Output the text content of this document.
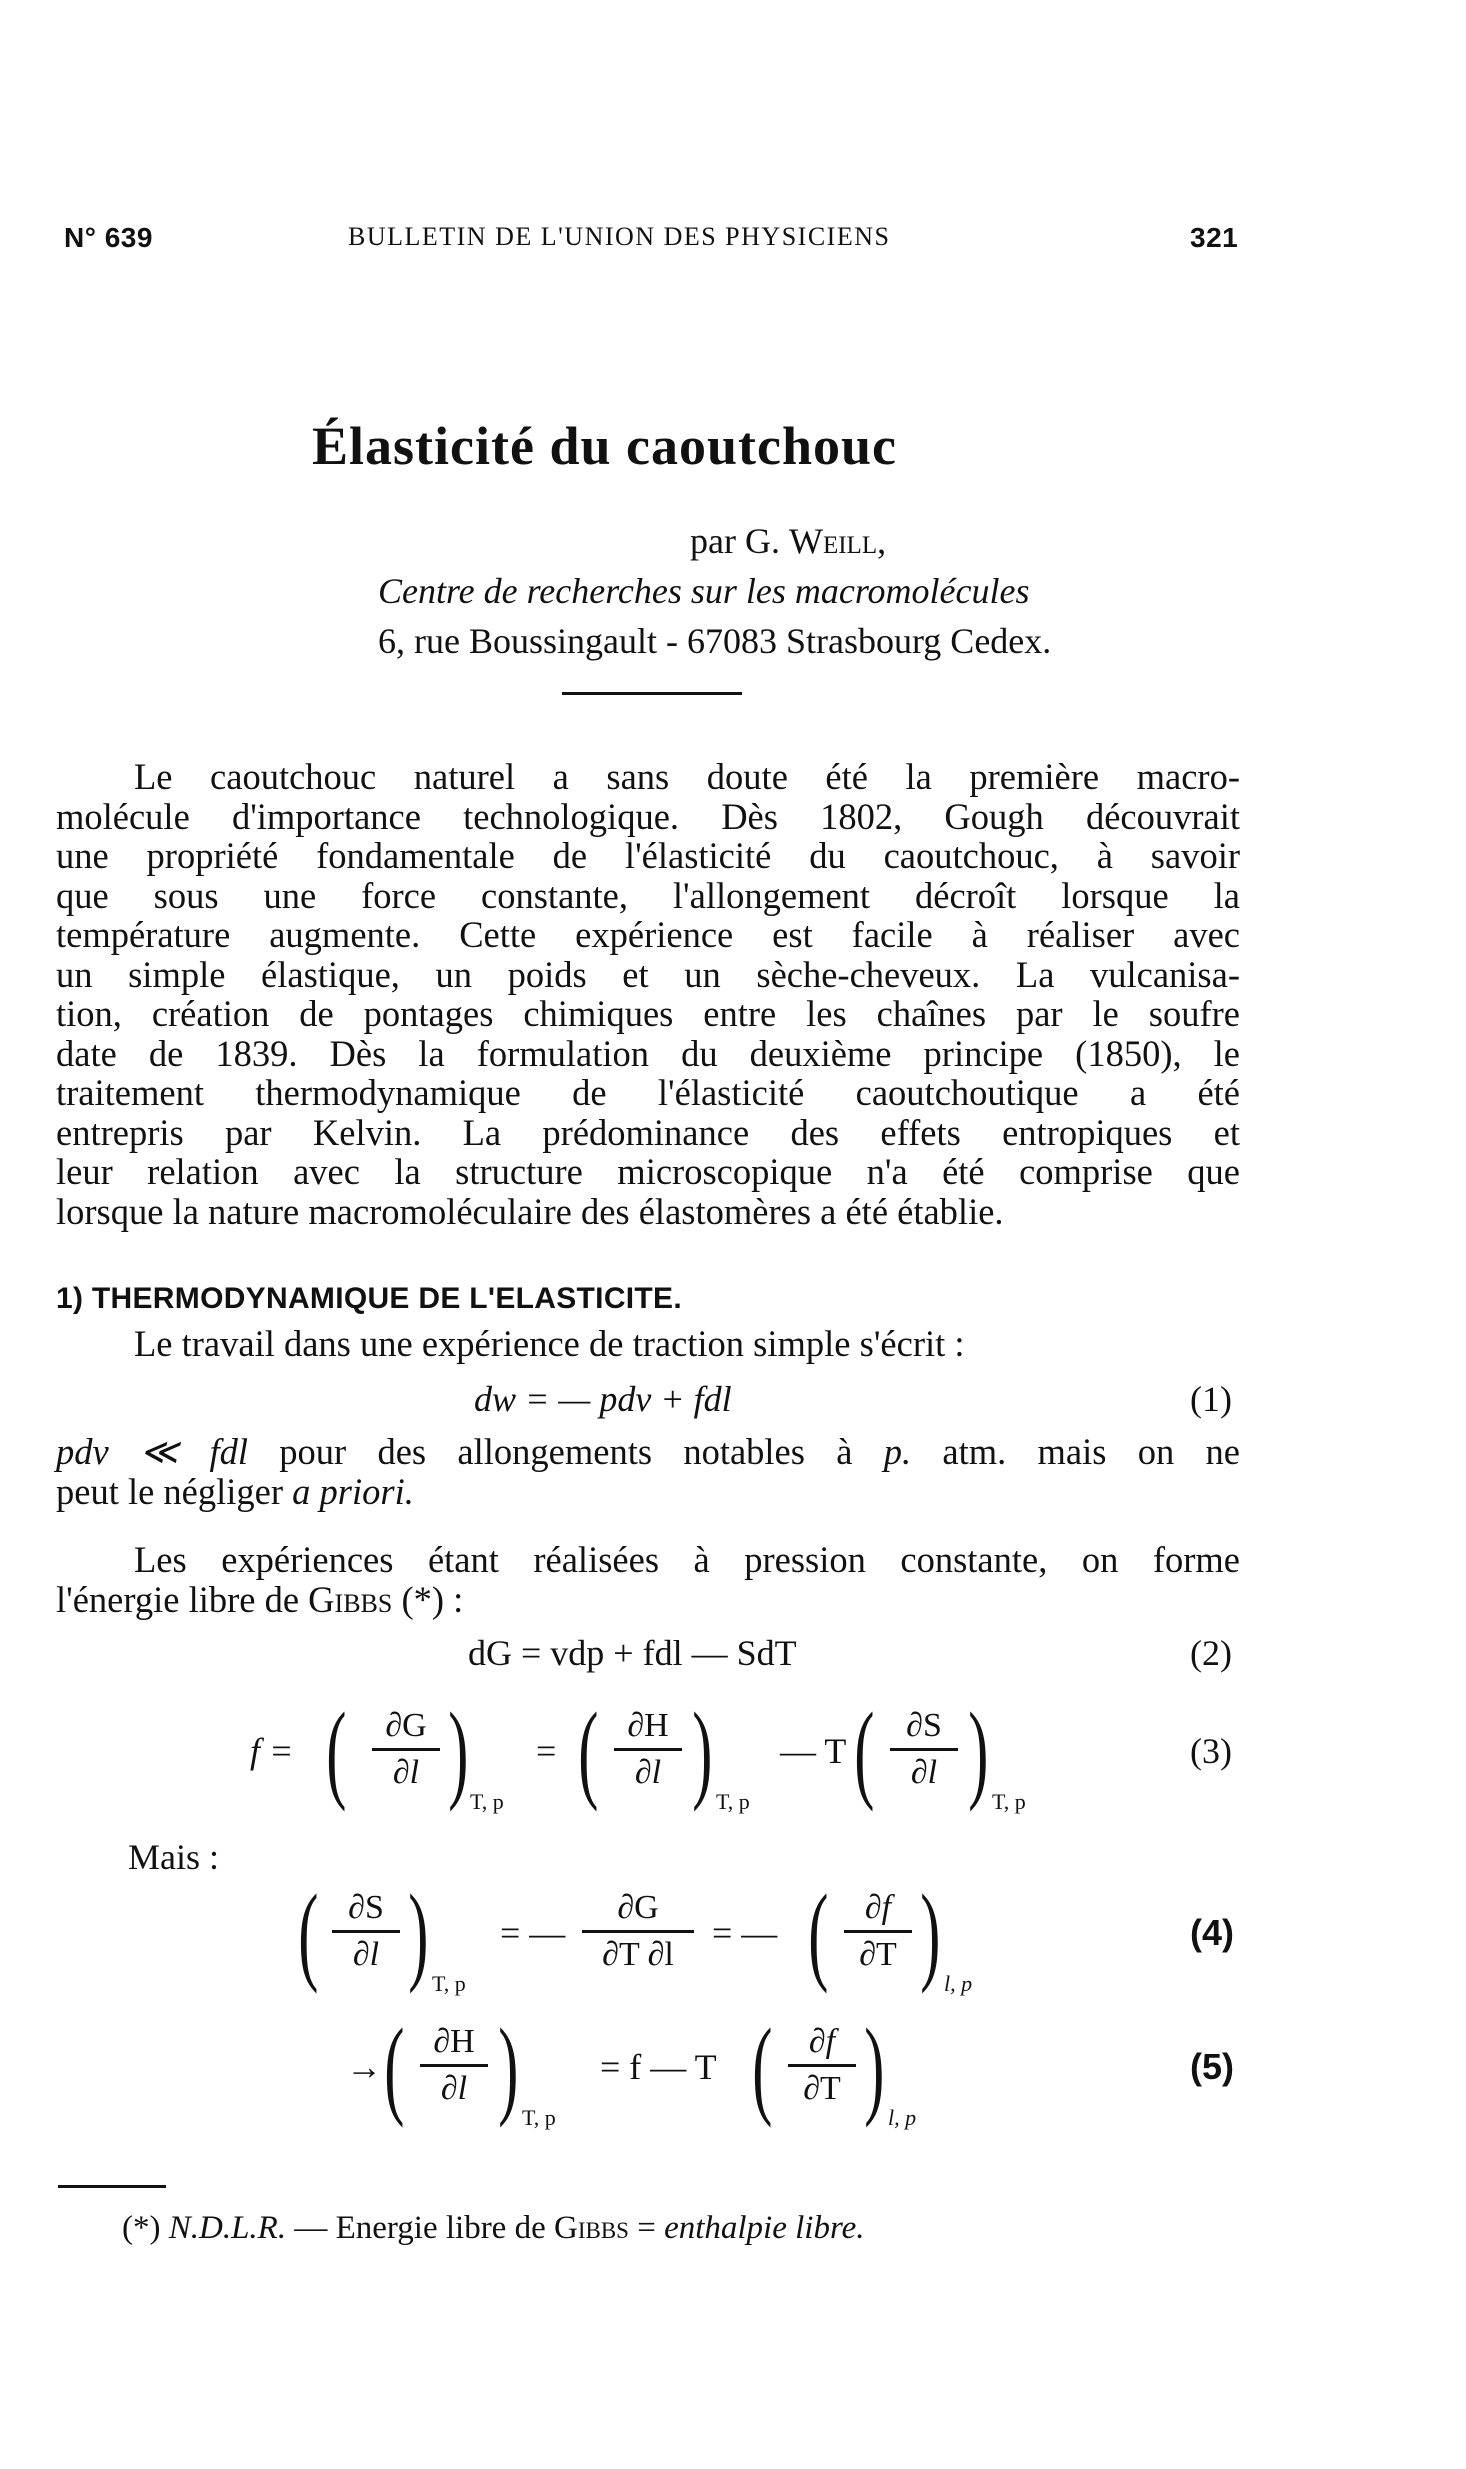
N° 639	BULLETIN DE L'UNION DES PHYSICIENS	321
Élasticité du caoutchouc
par G. Weill,
Centre de recherches sur les macromolécules
6, rue Boussingault - 67083 Strasbourg Cedex.
Le caoutchouc naturel a sans doute été la première macro-
molécule d'importance technologique. Dès 1802, Gough découvrait
une propriété fondamentale de l'élasticité du caoutchouc, à savoir
que sous une force constante, l'allongement décroît lorsque la
température augmente. Cette expérience est facile à réaliser avec
un simple élastique, un poids et un sèche-cheveux. La vulcanisa-
tion, création de pontages chimiques entre les chaînes par le soufre
date de 1839. Dès la formulation du deuxième principe (1850), le
traitement thermodynamique de l'élasticité caoutchoutique a été
entrepris par Kelvin. La prédominance des effets entropiques et
leur relation avec la structure microscopique n'a été comprise que
lorsque la nature macromoléculaire des élastomères a été établie.
1) THERMODYNAMIQUE DE L'ELASTICITE.
Le travail dans une expérience de traction simple s'écrit :
dw = — pdv + fdl	(1)
pdv ≪ fdl pour des allongements notables à p. atm. mais on ne
peut le négliger a priori.
Les expériences étant réalisées à pression constante, on forme
l'énergie libre de Gibbs (*) :
dG = vdp + fdl — SdT	(2)
f = (	∂G
∂l ) T, p
= ( ∂H
∂l ) T, p
— T ( ∂S
∂l ) T, p
(3)
Mais :
( ∂S
∂l ) T, p
= —
∂G
∂T ∂l
= — (	∂f
∂T ) l, p
(4)
→ ( ∂H
∂l ) T, p
= f — T (	∂f
∂T ) l, p
(5)
(*) N.D.L.R. — Energie libre de Gibbs = enthalpie libre.
